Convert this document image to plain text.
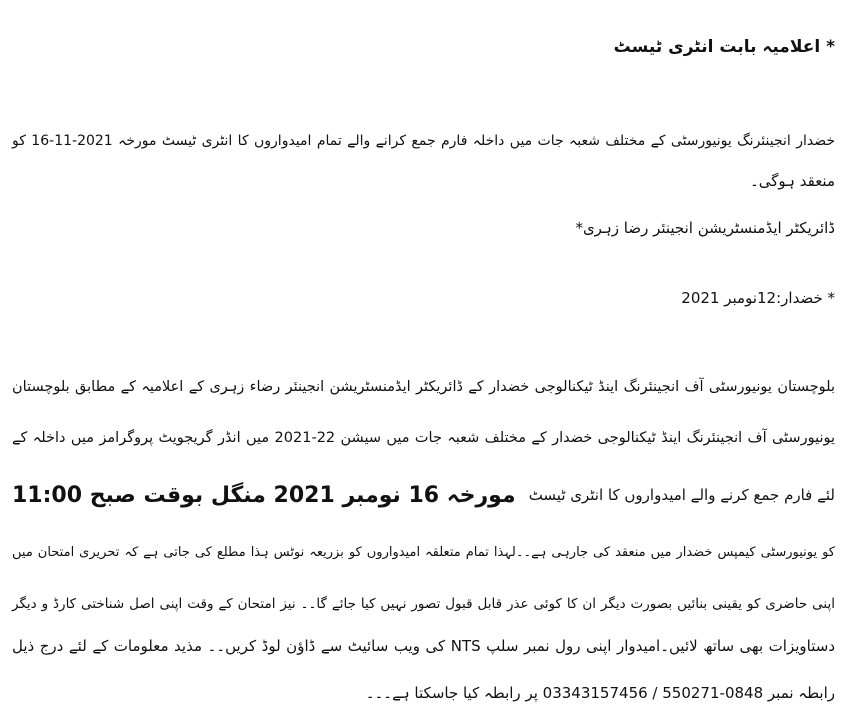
* اعلامیہ بابت انٹری ٹیسٹ
خضدار انجینئرنگ یونیورسٹی کے مختلف شعبہ جات میں داخلہ فارم جمع کرانے والے تمام امیدواروں کا انٹری ٹیسٹ مورخہ 2021-11-16 کو
منعقد ہوگی۔
ڈائریکٹر ایڈمنسٹریشن انجینئر رضا زہری*
* خضدار:12نومبر 2021
بلوچستان یونیورسٹی آف انجینئرنگ اینڈ ٹیکنالوجی خضدار کے ڈائریکٹر ایڈمنسٹریشن انجینئر رضاء زہری کے اعلامیہ کے مطابق بلوچستان
یونیورسٹی آف انجینئرنگ اینڈ ٹیکنالوجی خضدار کے مختلف شعبہ جات میں سیشن 22-2021 میں انڈر گریجویٹ پروگرامز میں داخلہ کے
لئے فارم جمع کرنے والے امیدواروں کا انٹری ٹیسٹ
مورخہ 16 نومبر 2021 منگل بوقت صبح 11:00
کو یونیورسٹی کیمپس خضدار میں منعقد کی جارہی ہے۔۔لہذا تمام متعلقہ امیدواروں کو بزریعہ نوٹس ہذا مطلع کی جاتی ہے کہ تحریری امتحان میں
اپنی حاضری کو یقینی بنائیں بصورت دیگر ان کا کوئی عذر قابل قبول تصور نہیں کیا جائے گا۔۔ نیز امتحان کے وقت اپنی اصل شناختی کارڈ و دیگر
دستاویزات بھی ساتھ لائیں۔امیدوار اپنی رول نمبر سلپ NTS کی ویب سائیٹ سے ڈاؤن لوڈ کریں۔۔ مذید معلومات کے لئے درج ذیل
رابطہ نمبر 0848-550271 / 03343157456 پر رابطہ کیا جاسکتا ہے۔۔۔
